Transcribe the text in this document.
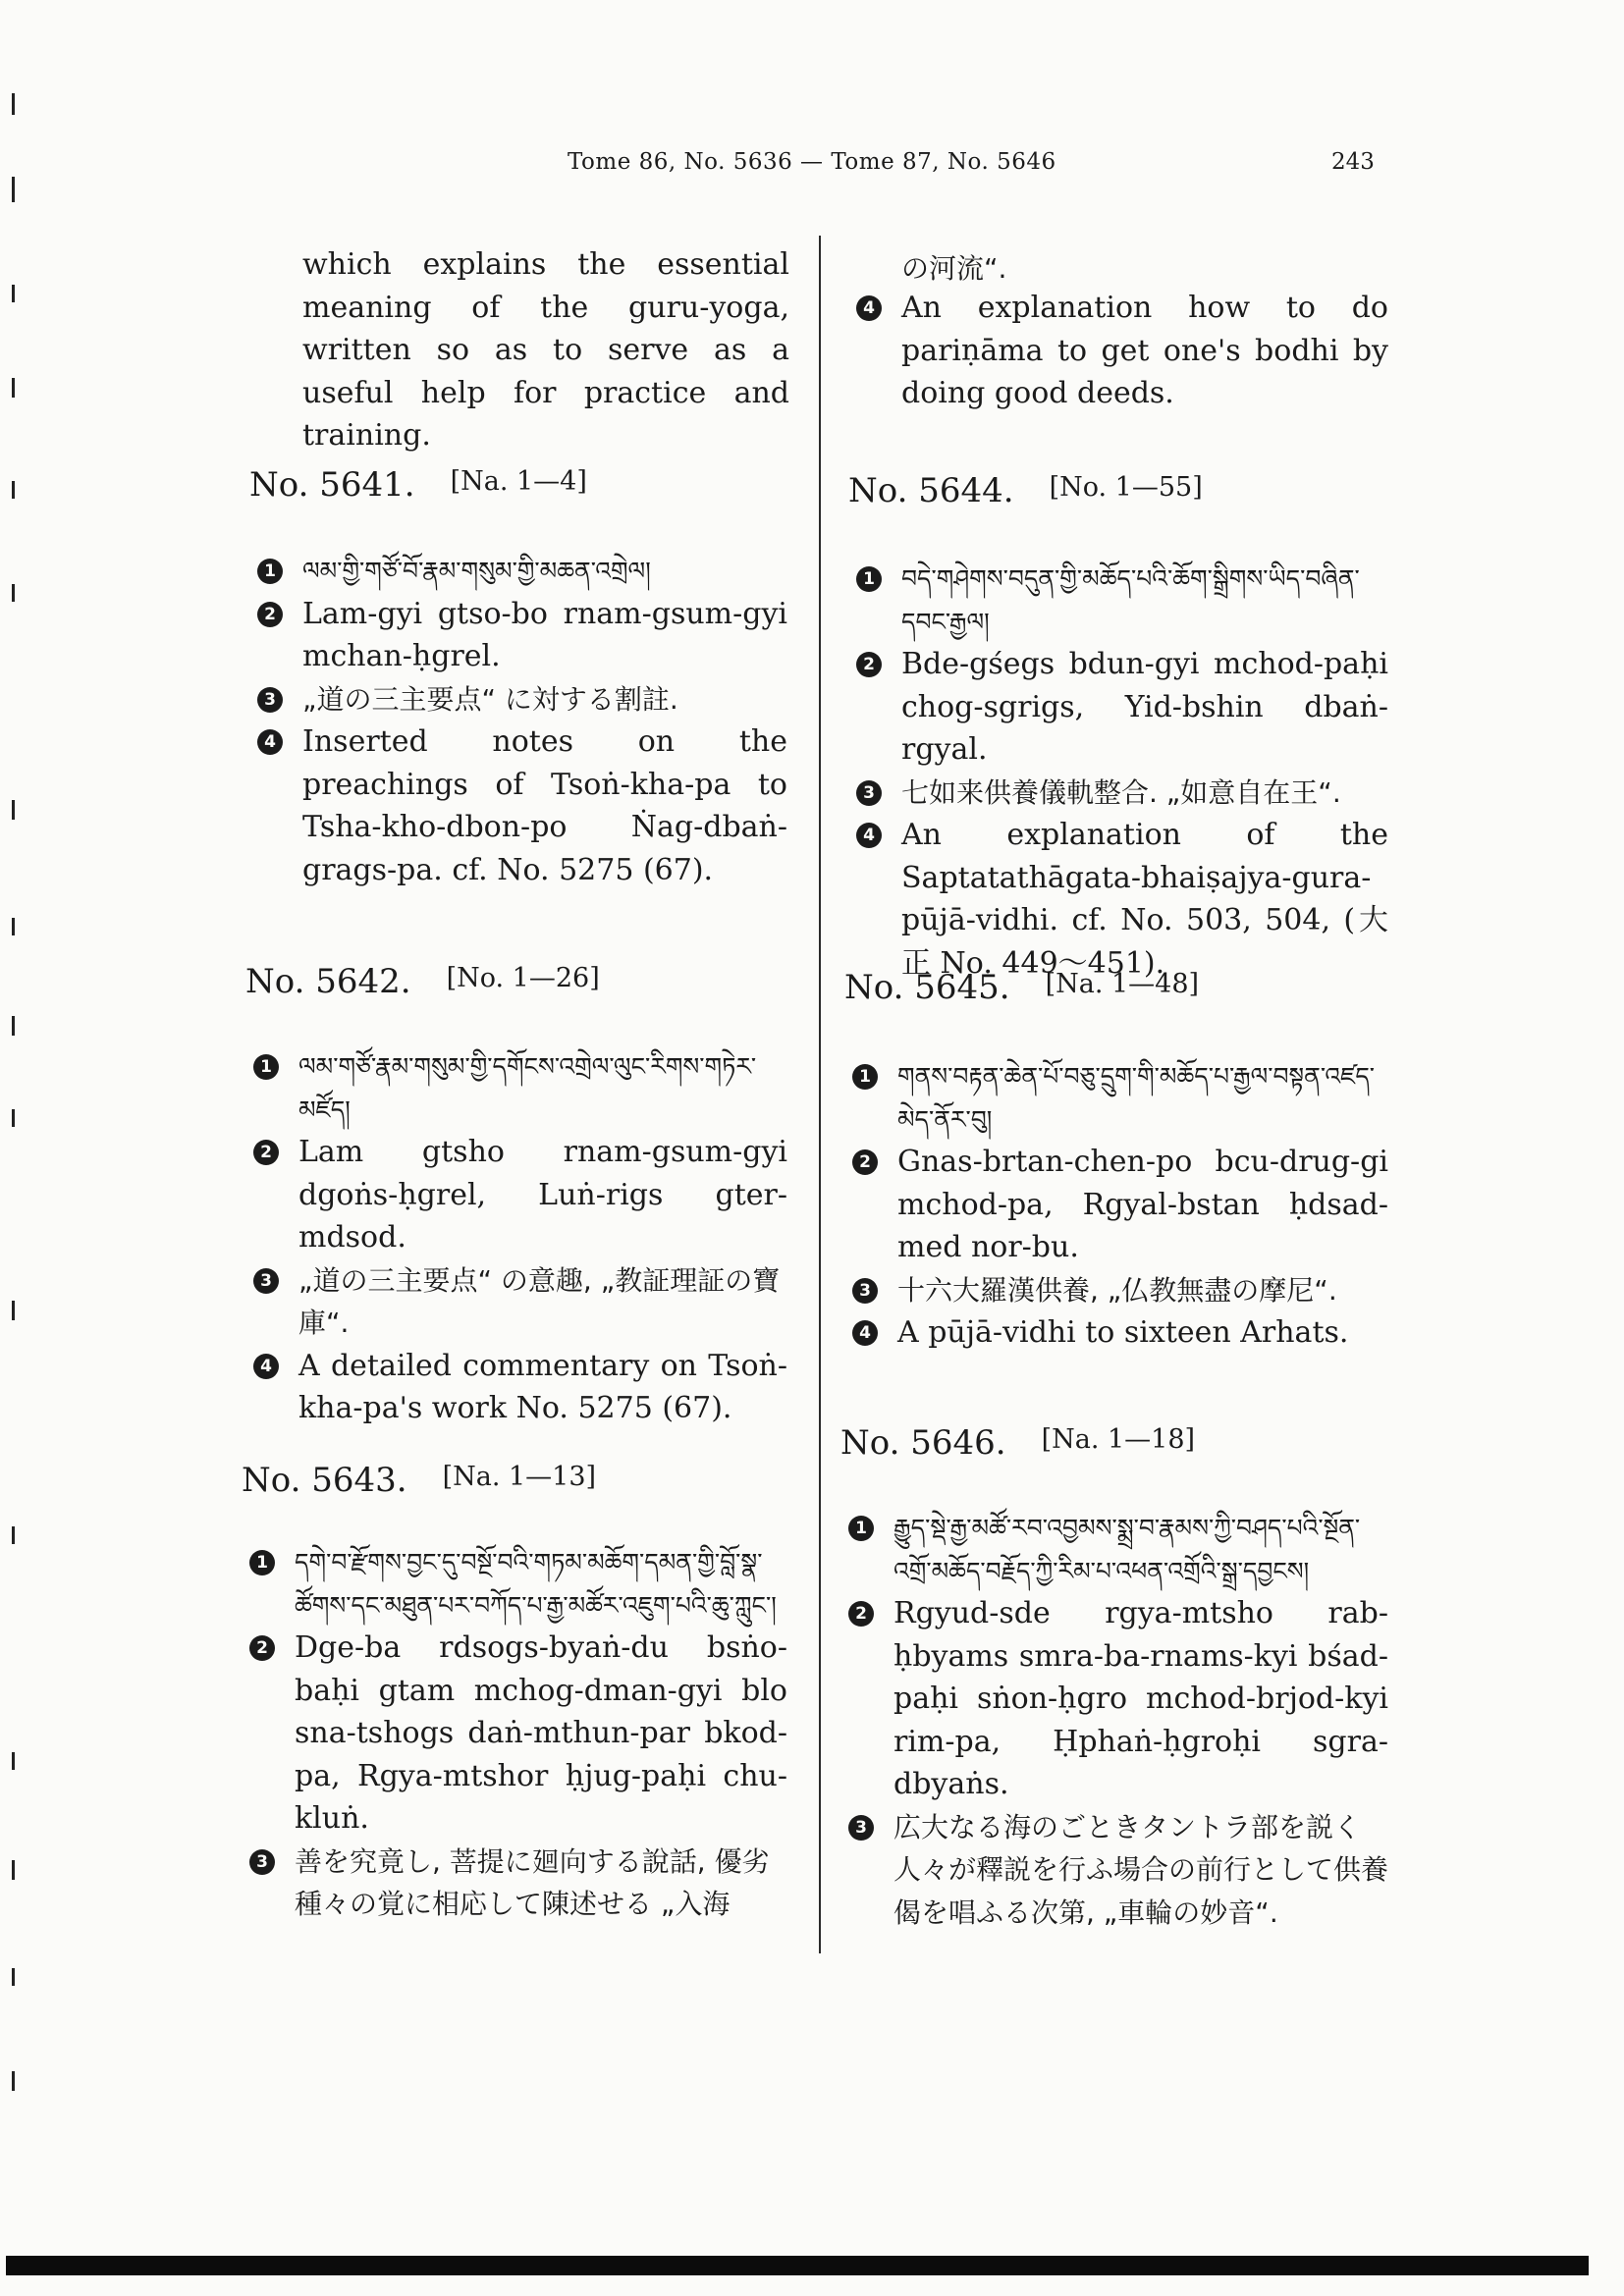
Tome 86, No. 5636 — Tome 87, No. 5646	243
which explains the essential meaning of the guru-yoga, written so as to serve as a useful help for practice and training.
No. 5641. [Na. 1—4]
1 ལམ་གྱི་གཙོ་བོ་རྣམ་གསུམ་གྱི་མཆན་འགྲེལ།
2 Lam-gyi gtso-bo rnam-gsum-gyi mchan-ḥgrel.
3 „道の三主要点“ に対する割註.
4 Inserted notes on the preachings of Tsoṅ-kha-pa to Tsha-kho-dbon-po Ṅag-dbaṅ-grags-pa. cf. No. 5275 (67).
No. 5642. [No. 1—26]
1 ལམ་གཙོ་རྣམ་གསུམ་གྱི་དགོངས་འགྲེལ་ལུང་རིགས་གཏེར་མཛོད།
2 Lam gtsho rnam-gsum-gyi dgoṅs-ḥgrel, Luṅ-rigs gter-mdsod.
3 „道の三主要点“ の意趣, „教証理証の寶庫“.
4 A detailed commentary on Tsoṅ-kha-pa's work No. 5275 (67).
No. 5643. [Na. 1—13]
1 དགེ་བ་རྫོགས་བྱང་དུ་བསྔོ་བའི་གཏམ་མཆོག་དམན་གྱི་བློ་སྣ་ཚོགས་དང་མཐུན་པར་བཀོད་པ་རྒྱ་མཚོར་འཇུག་པའི་ཆུ་ཀླུང་།
2 Dge-ba rdsogs-byaṅ-du bsṅo-baḥi gtam mchog-dman-gyi blo sna-tshogs daṅ-mthun-par bkod-pa, Rgya-mtshor ḥjug-paḥi chu-kluṅ.
3 善を究竟し, 菩提に廻向する說話, 優劣種々の覚に相応して陳述せる „入海
の河流“.
4 An explanation how to do pariṇāma to get one's bodhi by doing good deeds.
No. 5644. [No. 1—55]
1 བདེ་གཤེགས་བདུན་གྱི་མཆོད་པའི་ཆོག་སྒྲིགས་ཡིད་བཞིན་དབང་རྒྱལ།
2 Bde-gśegs bdun-gyi mchod-paḥi chog-sgrigs, Yid-bshin dbaṅ-rgyal.
3 七如来供養儀軌整合. „如意自在王“.
4 An explanation of the Saptatathāgata-bhaiṣajya-gura-pūjā-vidhi. cf. No. 503, 504, (大正 No. 449～451).
No. 5645. [Na. 1—48]
1 གནས་བརྟན་ཆེན་པོ་བཅུ་དྲུག་གི་མཆོད་པ་རྒྱལ་བསྟན་འཛད་མེད་ནོར་བུ།
2 Gnas-brtan-chen-po bcu-drug-gi mchod-pa, Rgyal-bstan ḥdsad-med nor-bu.
3 十六大羅漢供養, „仏教無盡の摩尼“.
4 A pūjā-vidhi to sixteen Arhats.
No. 5646. [Na. 1—18]
1 རྒྱུད་སྡེ་རྒྱ་མཚོ་རབ་འབྱམས་སྨྲ་བ་རྣམས་ཀྱི་བཤད་པའི་སྔོན་འགྲོ་མཆོད་བརྗོད་ཀྱི་རིམ་པ་འཕན་འགྲོའི་སྒྲ་དབྱངས།
2 Rgyud-sde rgya-mtsho rab-ḥbyams smra-ba-rnams-kyi bśad-paḥi sṅon-ḥgro mchod-brjod-kyi rim-pa, Ḥphaṅ-ḥgroḥi sgra-dbyaṅs.
3 広大なる海のごときタントラ部を説く人々が釋説を行ふ場合の前行として供養偈を唱ふる次第, „車輪の妙音“.
